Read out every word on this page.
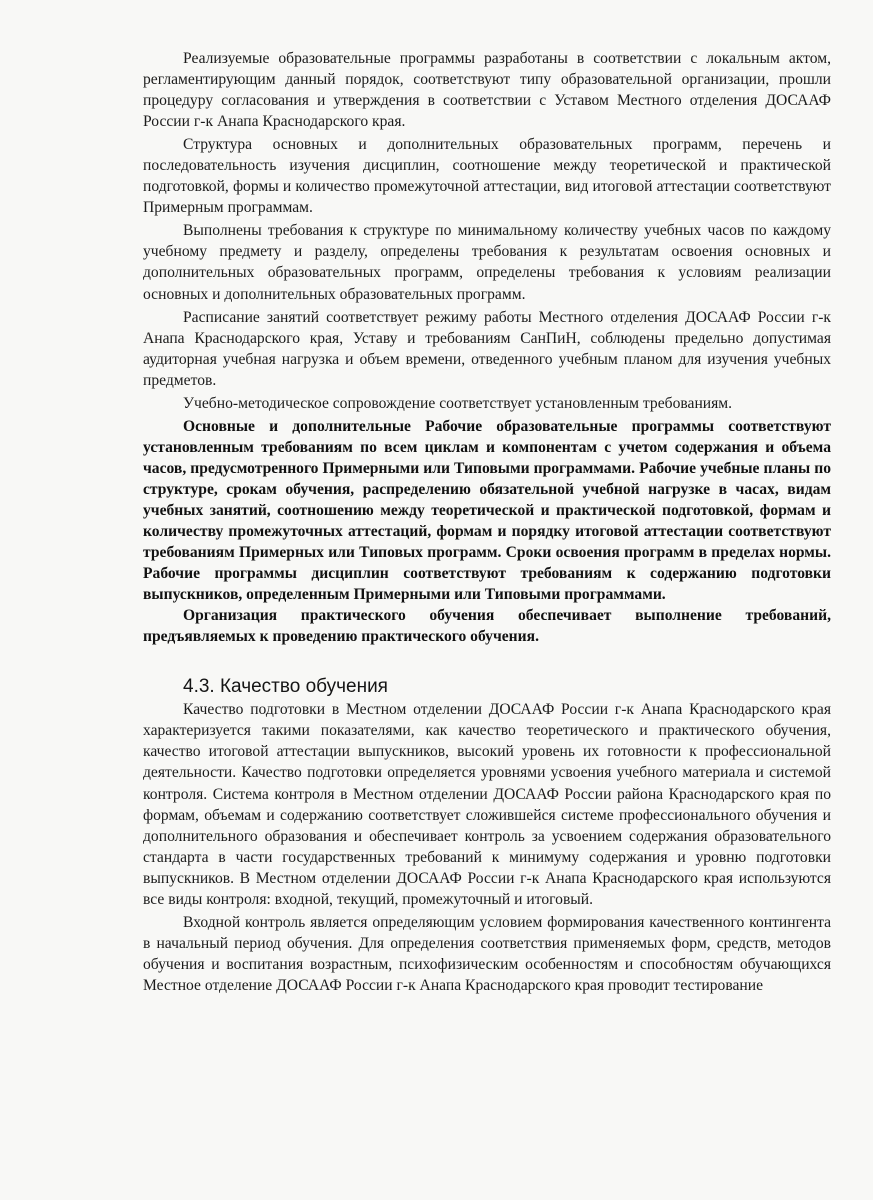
Реализуемые образовательные программы разработаны в соответствии с локальным актом, регламентирующим данный порядок, соответствуют типу образовательной организации, прошли процедуру согласования и утверждения в соответствии с Уставом Местного отделения ДОСААФ России г-к Анапа Краснодарского края.

Структура основных и дополнительных образовательных программ, перечень и последовательность изучения дисциплин, соотношение между теоретической и практической подготовкой, формы и количество промежуточной аттестации, вид итоговой аттестации соответствуют Примерным программам.

Выполнены требования к структуре по минимальному количеству учебных часов по каждому учебному предмету и разделу, определены требования к результатам освоения основных и дополнительных образовательных программ, определены требования к условиям реализации основных и дополнительных образовательных программ.

Расписание занятий соответствует режиму работы Местного отделения ДОСААФ России г-к Анапа Краснодарского края, Уставу и требованиям СанПиН, соблюдены предельно допустимая аудиторная учебная нагрузка и объем времени, отведенного учебным планом для изучения учебных предметов.

Учебно-методическое сопровождение соответствует установленным требованиям.

Основные и дополнительные Рабочие образовательные программы соответствуют установленным требованиям по всем циклам и компонентам с учетом содержания и объема часов, предусмотренного Примерными или Типовыми программами. Рабочие учебные планы по структуре, срокам обучения, распределению обязательной учебной нагрузке в часах, видам учебных занятий, соотношению между теоретической и практической подготовкой, формам и количеству промежуточных аттестаций, формам и порядку итоговой аттестации соответствуют требованиям Примерных или Типовых программ. Сроки освоения программ в пределах нормы. Рабочие программы дисциплин соответствуют требованиям к содержанию подготовки выпускников, определенным Примерными или Типовыми программами.

Организация практического обучения обеспечивает выполнение требований, предъявляемых к проведению практического обучения.

4.3. Качество обучения

Качество подготовки в Местном отделении ДОСААФ России г-к Анапа Краснодарского края характеризуется такими показателями, как качество теоретического и практического обучения, качество итоговой аттестации выпускников, высокий уровень их готовности к профессиональной деятельности. Качество подготовки определяется уровнями усвоения учебного материала и системой контроля. Система контроля в Местном отделении ДОСААФ России района Краснодарского края по формам, объемам и содержанию соответствует сложившейся системе профессионального обучения и дополнительного образования и обеспечивает контроль за усвоением содержания образовательного стандарта в части государственных требований к минимуму содержания и уровню подготовки выпускников. В Местном отделении ДОСААФ России г-к Анапа Краснодарского края используются все виды контроля: входной, текущий, промежуточный и итоговый.

Входной контроль является определяющим условием формирования качественного контингента в начальный период обучения. Для определения соответствия применяемых форм, средств, методов обучения и воспитания возрастным, психофизическим особенностям и способностям обучающихся Местное отделение ДОСААФ России г-к Анапа Краснодарского края проводит тестирование
